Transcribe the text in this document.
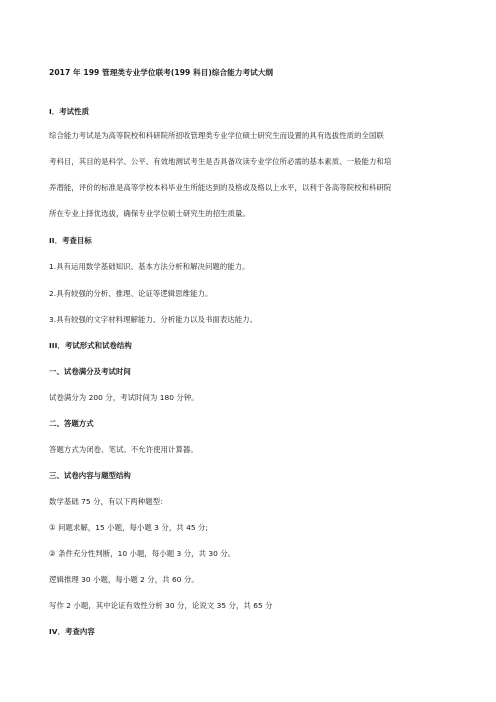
2017 年 199 管理类专业学位联考(199 科目)综合能力考试大纲
I．考试性质
综合能力考试是为高等院校和科研院所招收管理类专业学位硕士研究生而设置的具有选拔性质的全国联
考科目，其目的是科学、公平、有效地测试考生是否具备攻读专业学位所必需的基本素质、一般能力和培
养潜能，评价的标准是高等学校本科毕业生所能达到的及格或及格以上水平，以利于各高等院校和科研院
所在专业上择优选拔，确保专业学位硕士研究生的招生质量。
II．考查目标
1.具有运用数学基础知识、基本方法分析和解决问题的能力。
2.具有较强的分析、推理、论证等逻辑思维能力。
3.具有较强的文字材料理解能力、分析能力以及书面表达能力。
III．考试形式和试卷结构
一、试卷满分及考试时间
试卷满分为 200 分，考试时间为 180 分钟。
二、答题方式
答题方式为闭卷、笔试。不允许使用计算器。
三、试卷内容与题型结构
数学基础 75 分，有以下两种题型：
① 问题求解，15 小题，每小题 3 分，共 45 分;
② 条件充分性判断，10 小题，每小题 3 分，共 30 分。
逻辑推理 30 小题，每小题 2 分，共 60 分。
写作 2 小题，其中论证有效性分析 30 分，论说文 35 分，共 65 分
IV．考查内容
